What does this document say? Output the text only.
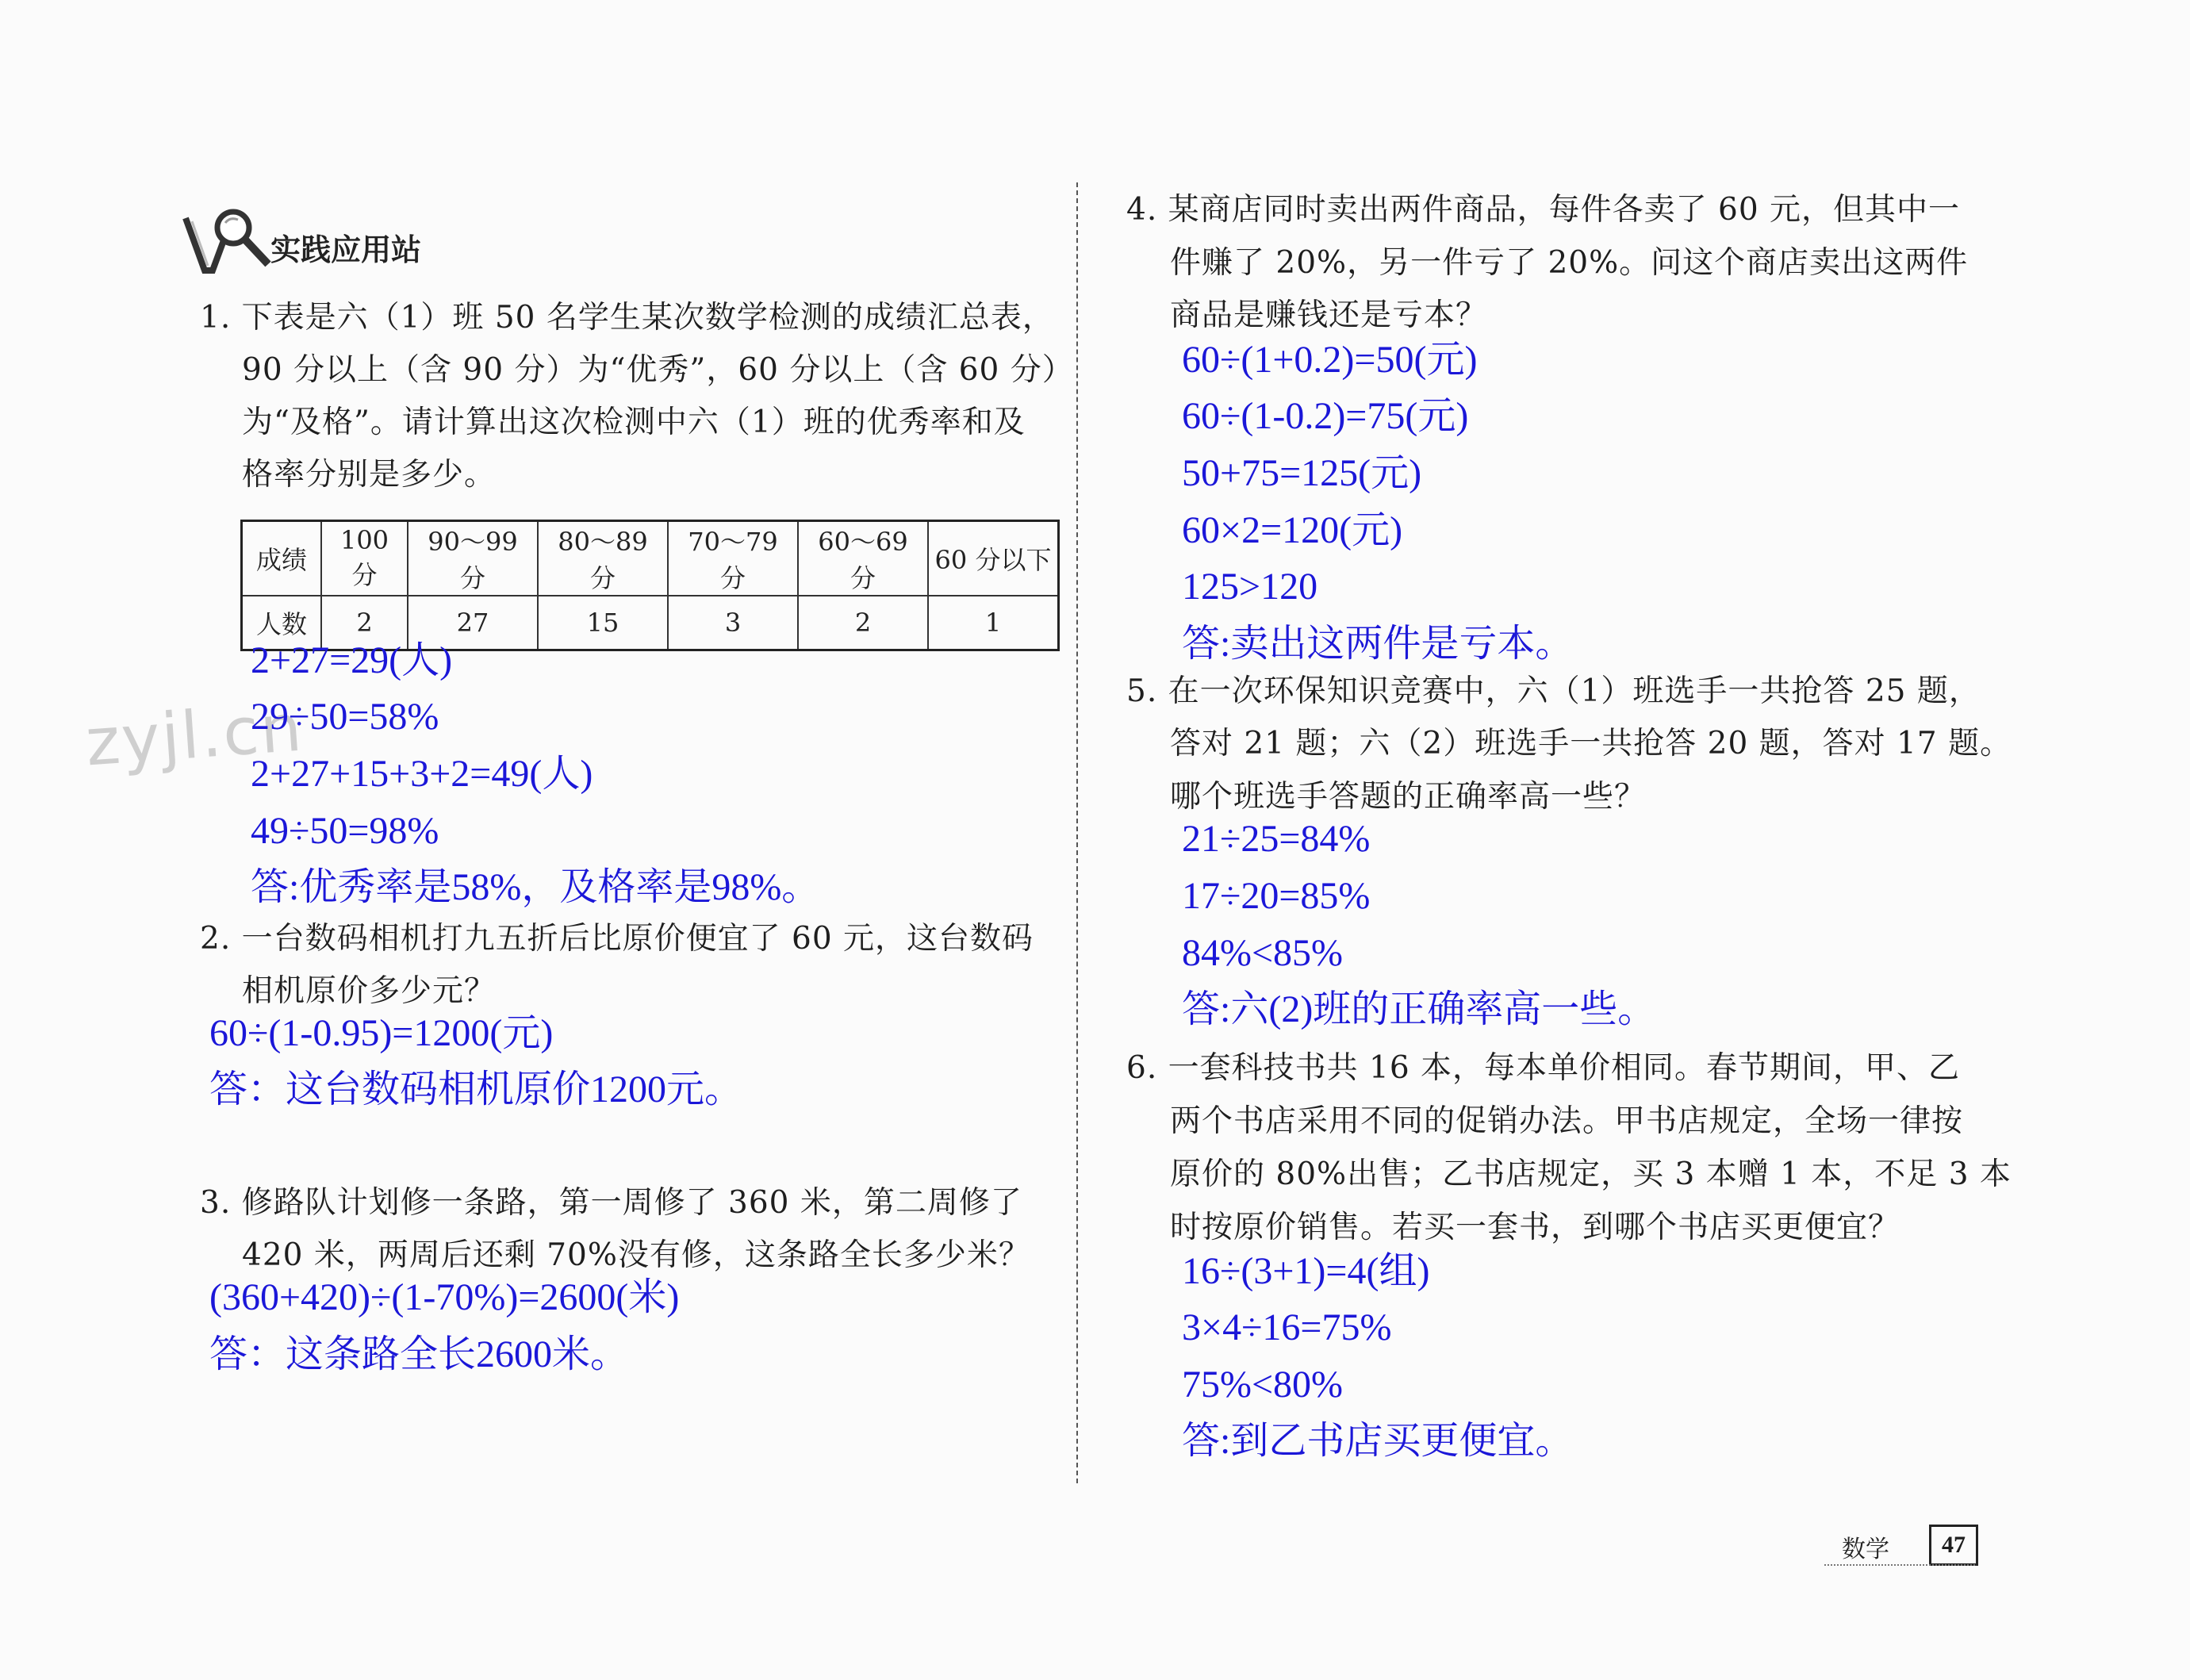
实践应用站
zyjl.cn
1. 下表是六（1）班 50 名学生某次数学检测的成绩汇总表，
90 分以上（含 90 分）为“优秀”，60 分以上（含 60 分）
为“及格”。请计算出这次检测中六（1）班的优秀率和及
格率分别是多少。
成绩	100 分	90～99 分	80～89 分	70～79 分	60～69 分	60 分以下
人数	2	27	15	3	2	1
2+27=29(人)
29÷50=58%
2+27+15+3+2=49(人)
49÷50=98%
答:优秀率是58%，及格率是98%。
2. 一台数码相机打九五折后比原价便宜了 60 元，这台数码
相机原价多少元？
60÷(1-0.95)=1200(元)
答：这台数码相机原价1200元。
3. 修路队计划修一条路，第一周修了 360 米，第二周修了
420 米，两周后还剩 70%没有修，这条路全长多少米？
(360+420)÷(1-70%)=2600(米)
答：这条路全长2600米。
4. 某商店同时卖出两件商品，每件各卖了 60 元，但其中一
件赚了 20%，另一件亏了 20%。问这个商店卖出这两件
商品是赚钱还是亏本？
60÷(1+0.2)=50(元)
60÷(1-0.2)=75(元)
50+75=125(元)
60×2=120(元)
125>120
答:卖出这两件是亏本。
5. 在一次环保知识竞赛中，六（1）班选手一共抢答 25 题，
答对 21 题；六（2）班选手一共抢答 20 题，答对 17 题。
哪个班选手答题的正确率高一些？
21÷25=84%
17÷20=85%
84%<85%
答:六(2)班的正确率高一些。
6. 一套科技书共 16 本，每本单价相同。春节期间，甲、乙
两个书店采用不同的促销办法。甲书店规定，全场一律按
原价的 80%出售；乙书店规定，买 3 本赠 1 本，不足 3 本
时按原价销售。若买一套书，到哪个书店买更便宜？
16÷(3+1)=4(组)
3×4÷16=75%
75%<80%
答:到乙书店买更便宜。
数学	47
